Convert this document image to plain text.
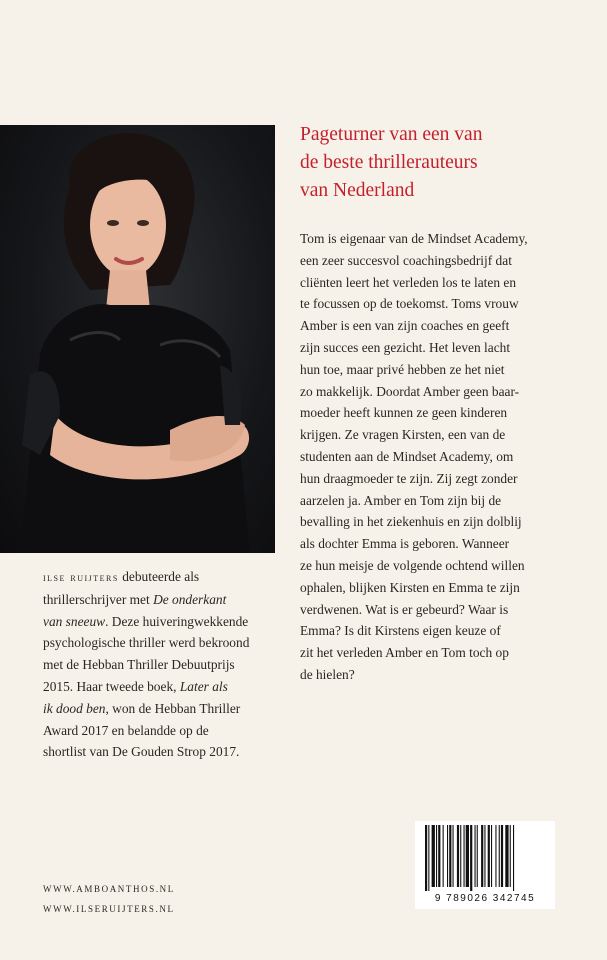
Pageturner van een van
de beste thrillerauteurs
van Nederland
Tom is eigenaar van de Mindset Academy,
een zeer succesvol coachingsbedrijf dat
cliënten leert het verleden los te laten en
te focussen op de toekomst. Toms vrouw
Amber is een van zijn coaches en geeft
zijn succes een gezicht. Het leven lacht
hun toe, maar privé hebben ze het niet
zo makkelijk. Doordat Amber geen baar-
moeder heeft kunnen ze geen kinderen
krijgen. Ze vragen Kirsten, een van de
studenten aan de Mindset Academy, om
hun draagmoeder te zijn. Zij zegt zonder
aarzelen ja. Amber en Tom zijn bij de
bevalling in het ziekenhuis en zijn dolblij
als dochter Emma is geboren. Wanneer
ze hun meisje de volgende ochtend willen
ophalen, blijken Kirsten en Emma te zijn
verdwenen. Wat is er gebeurd? Waar is
Emma? Is dit Kirstens eigen keuze of
zit het verleden Amber en Tom toch op
de hielen?
ilse ruijters debuteerde als
thrillerschrijver met De onderkant
van sneeuw. Deze huiveringwekkende
psychologische thriller werd bekroond
met de Hebban Thriller Debuutprijs
2015. Haar tweede boek, Later als
ik dood ben, won de Hebban Thriller
Award 2017 en belandde op de
shortlist van De Gouden Strop 2017.
WWW.AMBOANTHOS.NL
WWW.ILSERUIJTERS.NL
9 789026 342745
